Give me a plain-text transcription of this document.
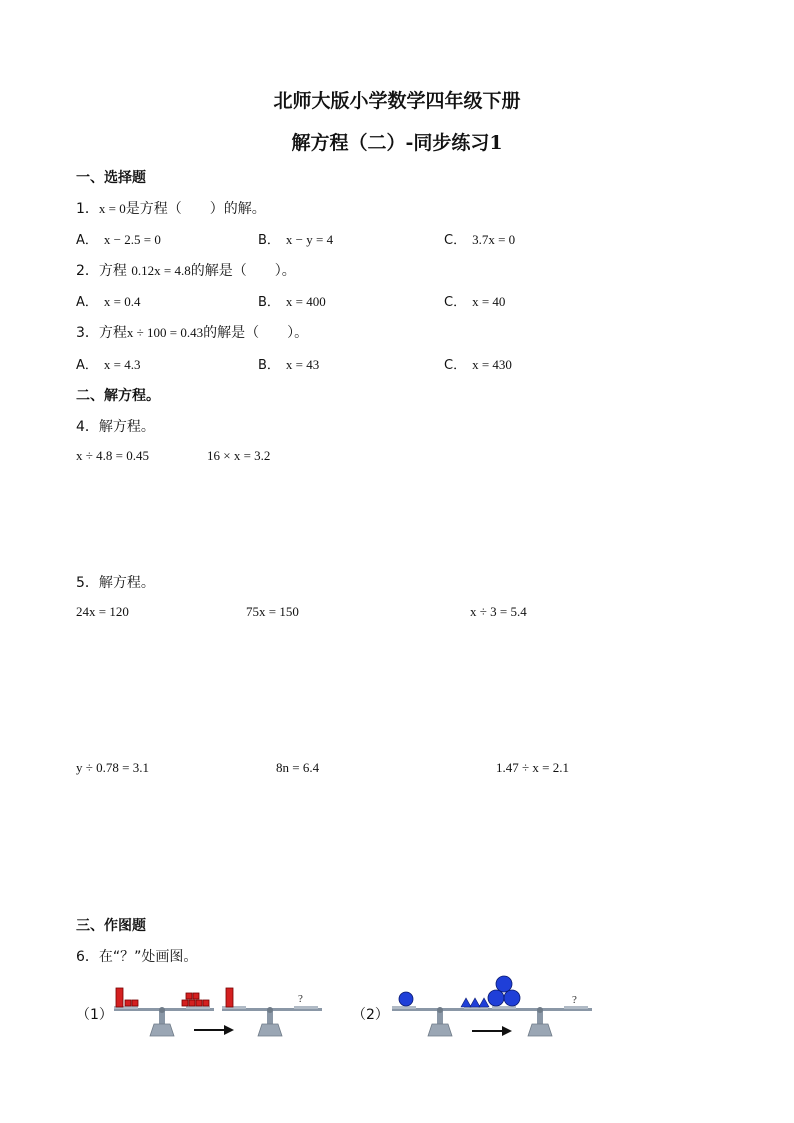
北师大版小学数学四年级下册
解方程（二）-同步练习1
一、选择题
1．x = 0是方程（　　）的解。
A． x − 2.5 = 0	B． x − y = 4	C． 3.7x = 0
2．方程 0.12x = 4.8的解是（　　）。
A． x = 0.4	B． x = 400	C． x = 40
3．方程x ÷ 100 = 0.43的解是（　　）。
A． x = 4.3	B． x = 43	C． x = 430
二、解方程。
4．解方程。
x ÷ 4.8 = 0.45	16 × x = 3.2
5．解方程。
24x = 120	75x = 150	x ÷ 3 = 5.4
y ÷ 0.78 = 3.1	8n = 6.4	1.47 ÷ x = 2.1
三、作图题
6．在“？”处画图。
（1）	（2）
?	?
